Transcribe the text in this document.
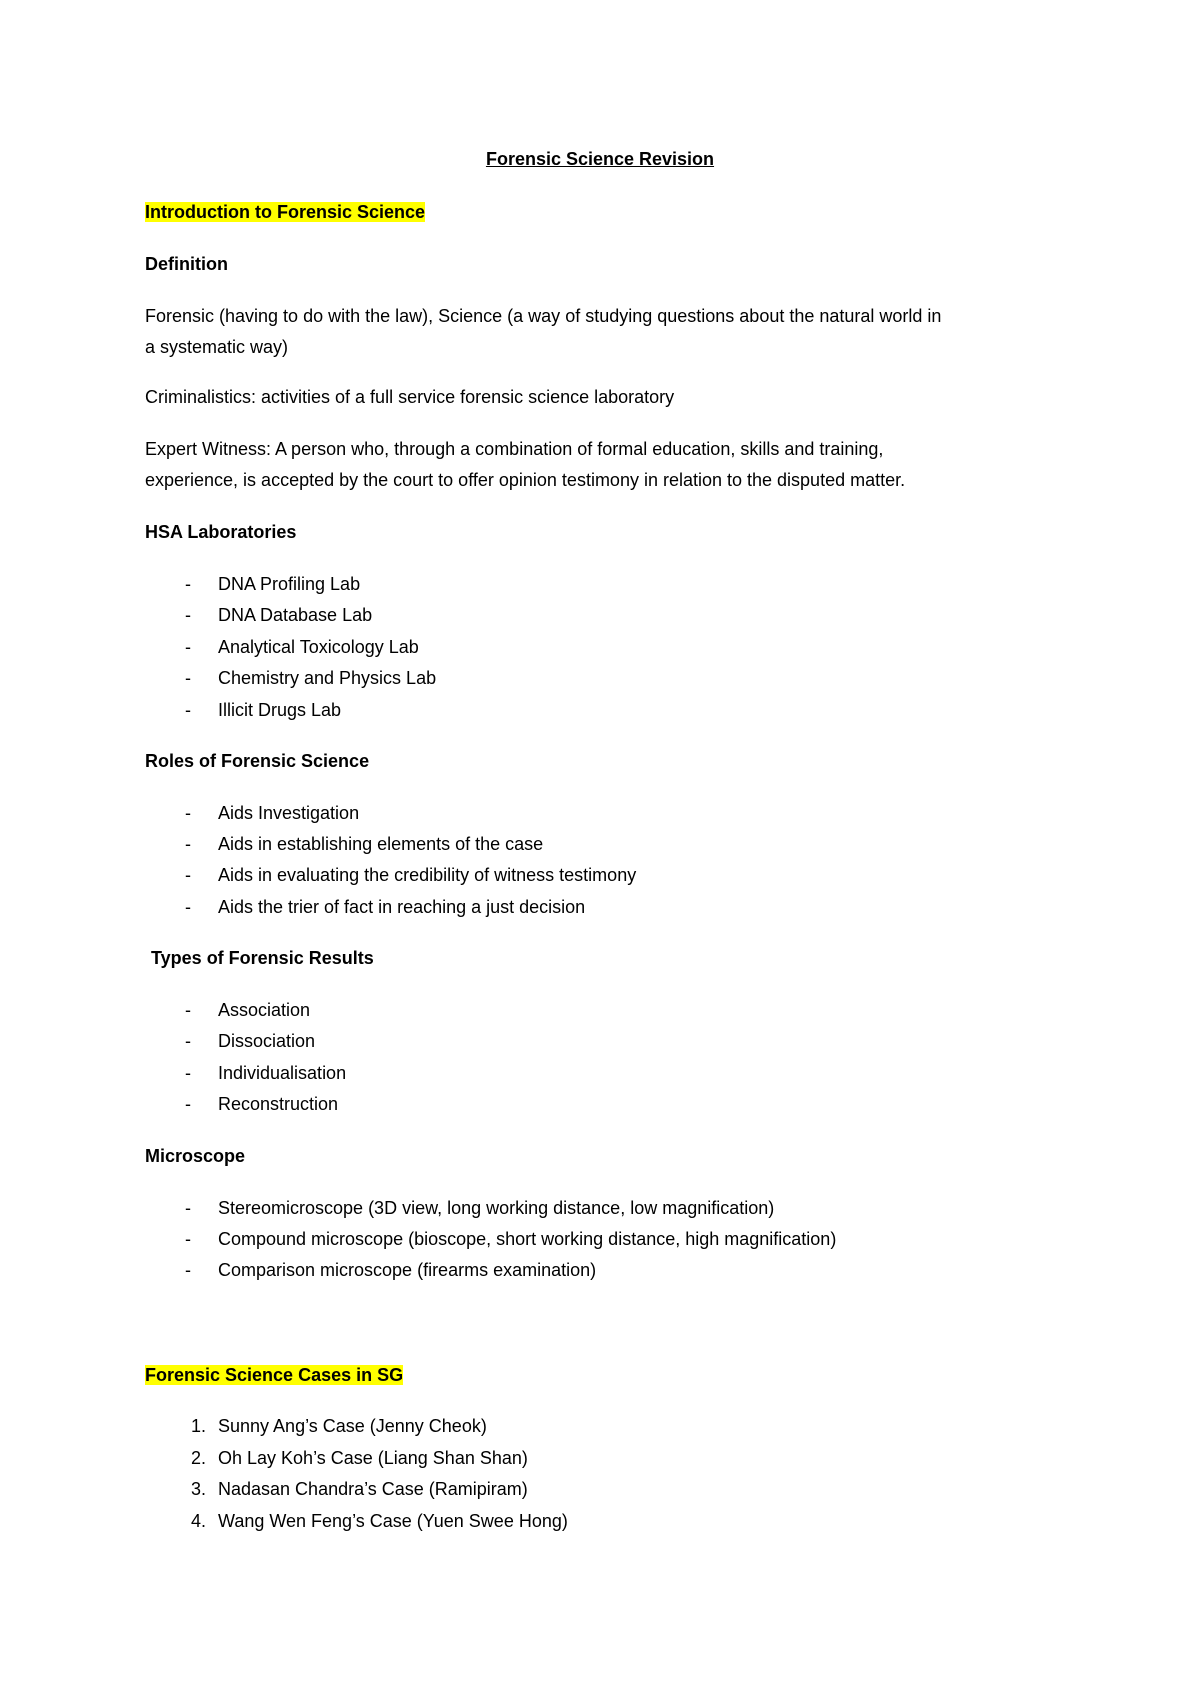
Forensic Science Revision
Introduction to Forensic Science
Definition
Forensic (having to do with the law), Science (a way of studying questions about the natural world in
a systematic way)
Criminalistics: activities of a full service forensic science laboratory
Expert Witness: A person who, through a combination of formal education, skills and training,
experience, is accepted by the court to offer opinion testimony in relation to the disputed matter.
HSA Laboratories
- DNA Profiling Lab
- DNA Database Lab
- Analytical Toxicology Lab
- Chemistry and Physics Lab
- Illicit Drugs Lab
Roles of Forensic Science
- Aids Investigation
- Aids in establishing elements of the case
- Aids in evaluating the credibility of witness testimony
- Aids the trier of fact in reaching a just decision
Types of Forensic Results
- Association
- Dissociation
- Individualisation
- Reconstruction
Microscope
- Stereomicroscope (3D view, long working distance, low magnification)
- Compound microscope (bioscope, short working distance, high magnification)
- Comparison microscope (firearms examination)
Forensic Science Cases in SG
1. Sunny Ang’s Case (Jenny Cheok)
2. Oh Lay Koh’s Case (Liang Shan Shan)
3. Nadasan Chandra’s Case (Ramipiram)
4. Wang Wen Feng’s Case (Yuen Swee Hong)
